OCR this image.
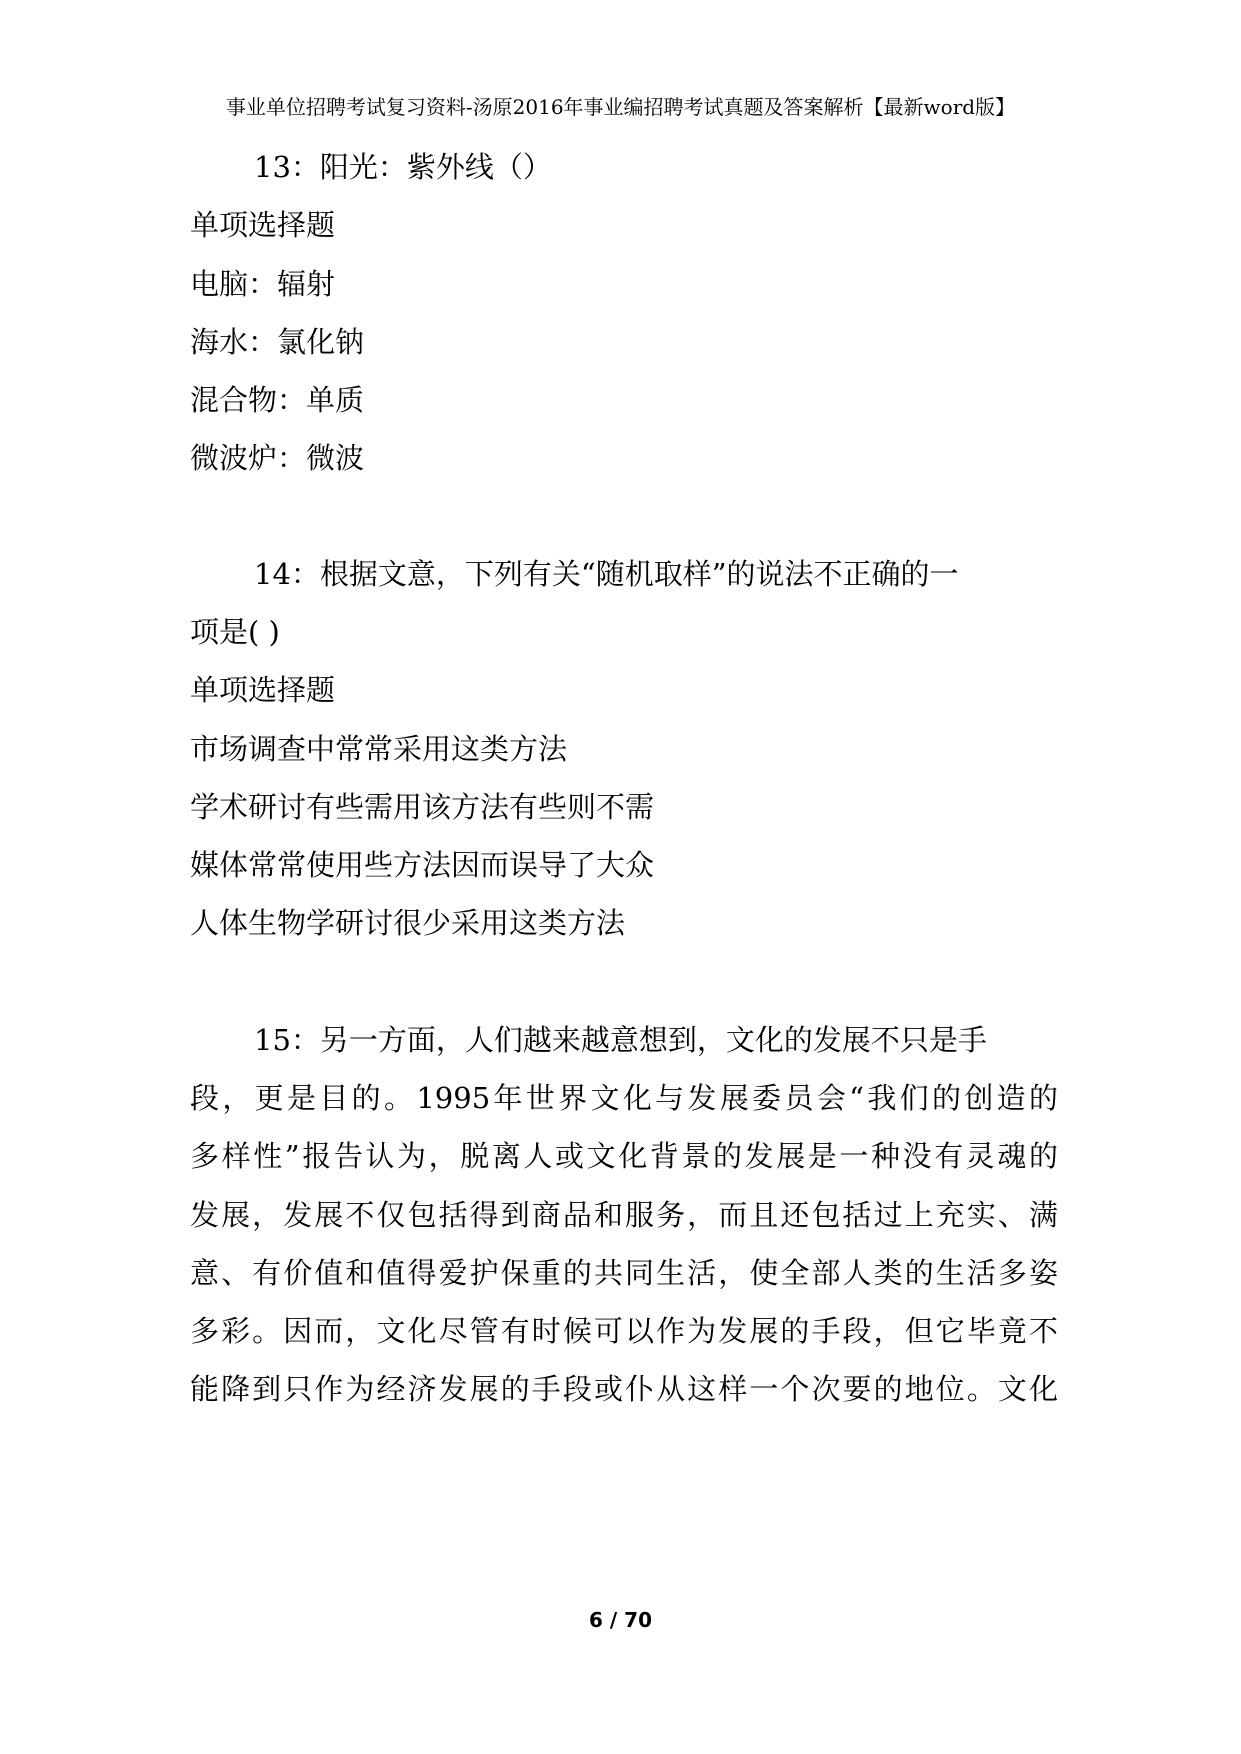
事业单位招聘考试复习资料-汤原2016年事业编招聘考试真题及答案解析【最新word版】
13：阳光：紫外线（）
单项选择题
电脑：辐射
海水：氯化钠
混合物：单质
微波炉：微波
14：根据文意，下列有关“随机取样”的说法不正确的一
项是( )
单项选择题
市场调查中常常采用这类方法
学术研讨有些需用该方法有些则不需
媒体常常使用些方法因而误导了大众
人体生物学研讨很少采用这类方法
15：另一方面，人们越来越意想到，文化的发展不只是手
段，更是目的。1995年世界文化与发展委员会“我们的创造的
多样性”报告认为，脱离人或文化背景的发展是一种没有灵魂的
发展，发展不仅包括得到商品和服务，而且还包括过上充实、满
意、有价值和值得爱护保重的共同生活，使全部人类的生活多姿
多彩。因而，文化尽管有时候可以作为发展的手段，但它毕竟不
能降到只作为经济发展的手段或仆从这样一个次要的地位。文化
6 / 70
